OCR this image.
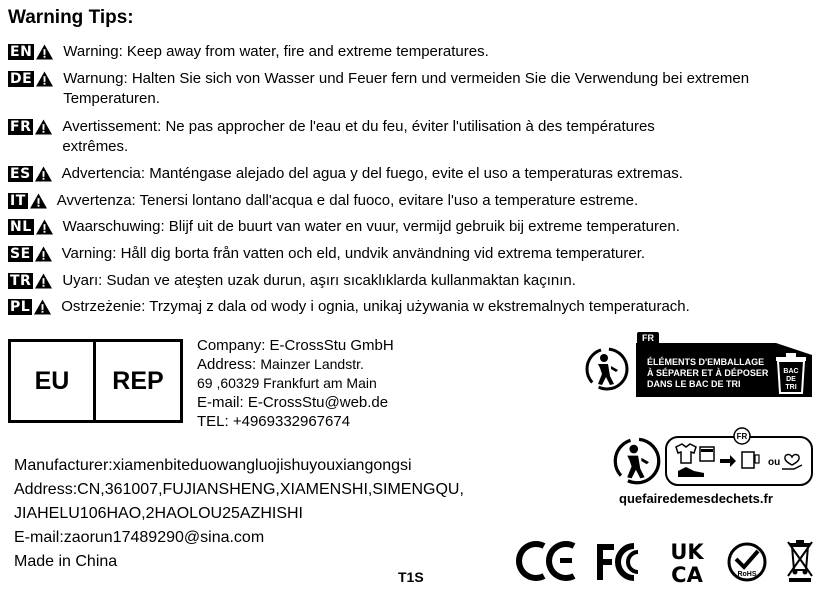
Warning Tips:
EN Warning: Keep away from water, fire and extreme temperatures.
DE Warnung: Halten Sie sich von Wasser und Feuer fern und vermeiden Sie die Verwendung bei extremen Temperaturen.
FR Avertissement: Ne pas approcher de l'eau et du feu, éviter l'utilisation à des températures extrêmes.
ES Advertencia: Manténgase alejado del agua y del fuego, evite el uso a temperaturas extremas.
IT Avvertenza: Tenersi lontano dall'acqua e dal fuoco, evitare l'uso a temperature estreme.
NL Waarschuwing: Blijf uit de buurt van water en vuur, vermijd gebruik bij extreme temperaturen.
SE Varning: Håll dig borta från vatten och eld, undvik användning vid extrema temperaturer.
TR Uyarı: Sudan ve ateşten uzak durun, aşırı sıcaklıklarda kullanmaktan kaçının.
PL Ostrzeżenie: Trzymaj z dala od wody i ognia, unikaj używania w ekstremalnych temperaturach.
EU	REP
Company: E-CrossStu GmbH
Address: Mainzer Landstr.
69 ,60329 Frankfurt am Main
E-mail: E-CrossStu@web.de
TEL: +4969332967674
Manufacturer:xiamenbiteduowangluojishuyouxiangongsi
Address:CN,361007,FUJIANSHENG,XIAMENSHI,SIMENGQU,
JIAHELU106HAO,2HAOLOU25AZHISHI
E-mail:zaorun17489290@sina.com
Made in China
T1S
FR
ÉLÉMENTS D'EMBALLAGE
À SÉPARER ET À DÉPOSER
DANS LE BAC DE TRI
BAC
DE
TRI
FR
ou
quefairedemesdechets.fr
UK
CA	RoHS
